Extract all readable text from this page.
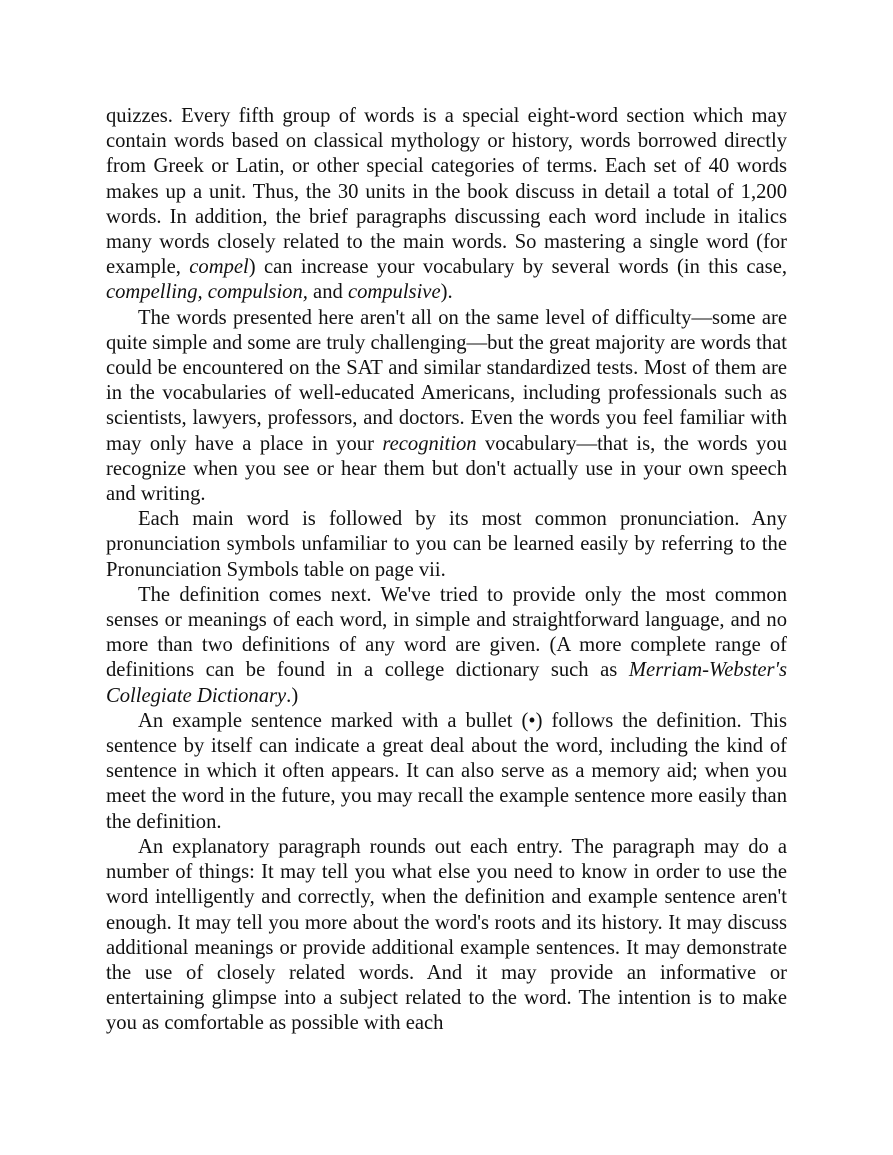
quizzes. Every fifth group of words is a special eight-word section which may contain words based on classical mythology or history, words borrowed directly from Greek or Latin, or other special categories of terms. Each set of 40 words makes up a unit. Thus, the 30 units in the book discuss in detail a total of 1,200 words. In addition, the brief paragraphs discussing each word include in italics many words closely related to the main words. So mastering a single word (for example, compel) can increase your vocabulary by several words (in this case, compelling, compulsion, and compulsive).

The words presented here aren't all on the same level of difficulty—some are quite simple and some are truly challenging—but the great majority are words that could be encountered on the SAT and similar standardized tests. Most of them are in the vocabularies of well-educated Americans, including professionals such as scientists, lawyers, professors, and doctors. Even the words you feel familiar with may only have a place in your recognition vocabulary—that is, the words you recognize when you see or hear them but don't actually use in your own speech and writing.

Each main word is followed by its most common pronunciation. Any pronunciation symbols unfamiliar to you can be learned easily by referring to the Pronunciation Symbols table on page vii.

The definition comes next. We've tried to provide only the most common senses or meanings of each word, in simple and straightforward language, and no more than two definitions of any word are given. (A more complete range of definitions can be found in a college dictionary such as Merriam-Webster's Collegiate Dictionary.)

An example sentence marked with a bullet (•) follows the definition. This sentence by itself can indicate a great deal about the word, including the kind of sentence in which it often appears. It can also serve as a memory aid; when you meet the word in the future, you may recall the example sentence more easily than the definition.

An explanatory paragraph rounds out each entry. The paragraph may do a number of things: It may tell you what else you need to know in order to use the word intelligently and correctly, when the definition and example sentence aren't enough. It may tell you more about the word's roots and its history. It may discuss additional meanings or provide additional example sentences. It may demonstrate the use of closely related words. And it may provide an informative or entertaining glimpse into a subject related to the word. The intention is to make you as comfortable as possible with each
